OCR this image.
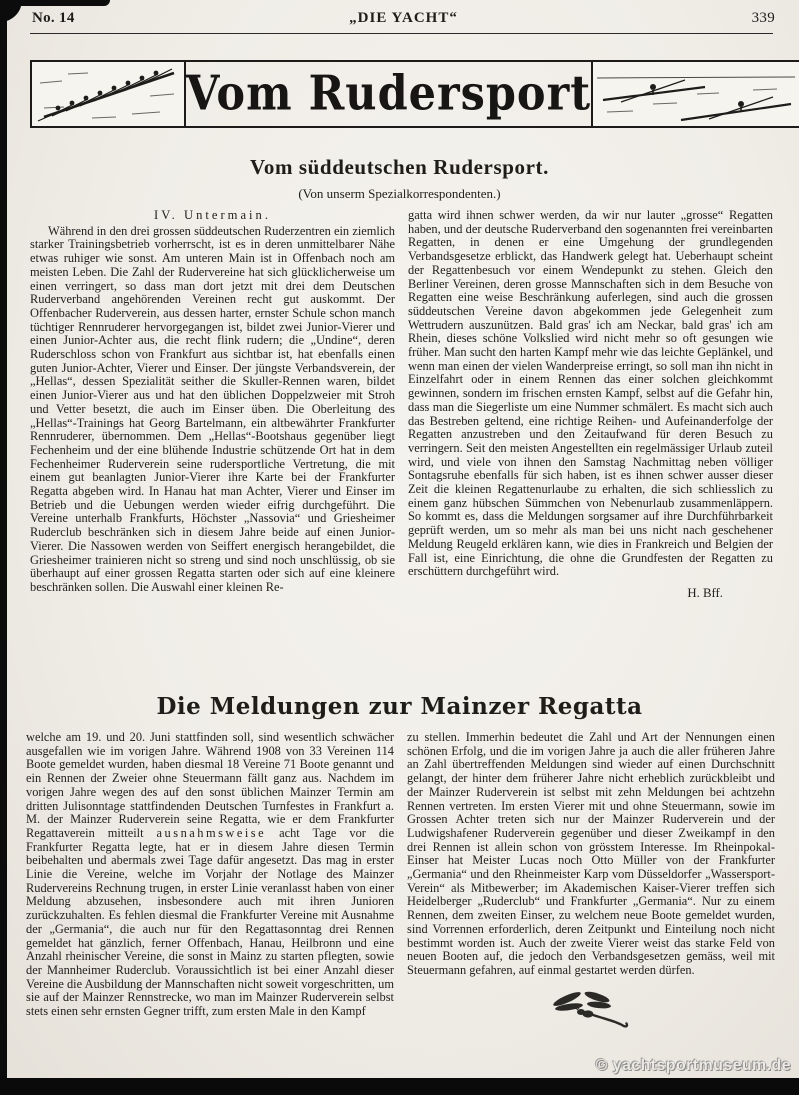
No. 14	„DIE YACHT“	339
Vom Rudersport
Vom süddeutschen Rudersport.
(Von unserm Spezialkorrespondenten.)
IV. Untermain.

Während in den drei grossen süddeutschen Ruderzentren ein ziemlich starker Trainingsbetrieb vorherrscht, ist es in deren unmittelbarer Nähe etwas ruhiger wie sonst. Am unteren Main ist in Offenbach noch am meisten Leben. Die Zahl der Rudervereine hat sich glücklicherweise um einen verringert, so dass man dort jetzt mit drei dem Deutschen Ruderverband angehörenden Vereinen recht gut auskommt. Der Offenbacher Ruderverein, aus dessen harter, ernster Schule schon manch tüchtiger Rennruderer hervorgegangen ist, bildet zwei Junior-Vierer und einen Junior-Achter aus, die recht flink rudern; die „Undine“, deren Ruderschloss schon von Frankfurt aus sichtbar ist, hat ebenfalls einen guten Junior-Achter, Vierer und Einser. Der jüngste Verbandsverein, der „Hellas“, dessen Spezialität seither die Skuller-Rennen waren, bildet einen Junior-Vierer aus und hat den üblichen Doppelzweier mit Stroh und Vetter besetzt, die auch im Einser üben. Die Oberleitung des „Hellas“-Trainings hat Georg Bartelmann, ein altbewährter Frankfurter Rennruderer, übernommen. Dem „Hellas“-Bootshaus gegenüber liegt Fechenheim und der eine blühende Industrie schützende Ort hat in dem Fechenheimer Ruderverein seine rudersportliche Vertretung, die mit einem gut beanlagten Junior-Vierer ihre Karte bei der Frankfurter Regatta abgeben wird. In Hanau hat man Achter, Vierer und Einser im Betrieb und die Uebungen werden wieder eifrig durchgeführt. Die Vereine unterhalb Frankfurts, Höchster „Nassovia“ und Griesheimer Ruderclub beschränken sich in diesem Jahre beide auf einen Junior-Vierer. Die Nassowen werden von Seiffert energisch herangebildet, die Griesheimer trainieren nicht so streng und sind noch unschlüssig, ob sie überhaupt auf einer grossen Regatta starten oder sich auf eine kleinere beschränken sollen. Die Auswahl einer kleinen Re-

gatta wird ihnen schwer werden, da wir nur lauter „grosse“ Regatten haben, und der deutsche Ruderverband den sogenannten frei vereinbarten Regatten, in denen er eine Umgehung der grundlegenden Verbandsgesetze erblickt, das Handwerk gelegt hat. Ueberhaupt scheint der Regattenbesuch vor einem Wendepunkt zu stehen. Gleich den Berliner Vereinen, deren grosse Mannschaften sich in dem Besuche von Regatten eine weise Beschränkung auferlegen, sind auch die grossen süddeutschen Vereine davon abgekommen jede Gelegenheit zum Wettrudern auszunützen. Bald gras' ich am Neckar, bald gras' ich am Rhein, dieses schöne Volkslied wird nicht mehr so oft gesungen wie früher. Man sucht den harten Kampf mehr wie das leichte Geplänkel, und wenn man einen der vielen Wanderpreise erringt, so soll man ihn nicht in Einzelfahrt oder in einem Rennen das einer solchen gleichkommt gewinnen, sondern im frischen ernsten Kampf, selbst auf die Gefahr hin, dass man die Siegerliste um eine Nummer schmälert. Es macht sich auch das Bestreben geltend, eine richtige Reihen- und Aufeinanderfolge der Regatten anzustreben und den Zeitaufwand für deren Besuch zu verringern. Seit den meisten Angestellten ein regelmässiger Urlaub zuteil wird, und viele von ihnen den Samstag Nachmittag neben völliger Sontagsruhe ebenfalls für sich haben, ist es ihnen schwer ausser dieser Zeit die kleinen Regattenurlaube zu erhalten, die sich schliesslich zu einem ganz hübschen Sümmchen von Nebenurlaub zusammenläppern. So kommt es, dass die Meldungen sorgsamer auf ihre Durchführbarkeit geprüft werden, um so mehr als man bei uns nicht nach geschehener Meldung Reugeld erklären kann, wie dies in Frankreich und Belgien der Fall ist, eine Einrichtung, die ohne die Grundfesten der Regatten zu erschüttern durchgeführt wird.

H. Bff.
Die Meldungen zur Mainzer Regatta

welche am 19. und 20. Juni stattfinden soll, sind wesentlich schwächer ausgefallen wie im vorigen Jahre. Während 1908 von 33 Vereinen 114 Boote gemeldet wurden, haben diesmal 18 Vereine 71 Boote genannt und ein Rennen der Zweier ohne Steuermann fällt ganz aus. Nachdem im vorigen Jahre wegen des auf den sonst üblichen Mainzer Termin am dritten Julisonntage stattfindenden Deutschen Turnfestes in Frankfurt a. M. der Mainzer Ruderverein seine Regatta, wie er dem Frankfurter Regattaverein mitteilt ausnahmsweise acht Tage vor die Frankfurter Regatta legte, hat er in diesem Jahre diesen Termin beibehalten und abermals zwei Tage dafür angesetzt. Das mag in erster Linie die Vereine, welche im Vorjahr der Notlage des Mainzer Rudervereins Rechnung trugen, in erster Linie veranlasst haben von einer Meldung abzusehen, insbesondere auch mit ihren Junioren zurückzuhalten. Es fehlen diesmal die Frankfurter Vereine mit Ausnahme der „Germania“, die auch nur für den Regattasonntag drei Rennen gemeldet hat gänzlich, ferner Offenbach, Hanau, Heilbronn und eine Anzahl rheinischer Vereine, die sonst in Mainz zu starten pflegten, sowie der Mannheimer Ruderclub. Voraussichtlich ist bei einer Anzahl dieser Vereine die Ausbildung der Mannschaften nicht soweit vorgeschritten, um sie auf der Mainzer Rennstrecke, wo man im Mainzer Ruderverein selbst stets einen sehr ernsten Gegner trifft, zum ersten Male in den Kampf

zu stellen. Immerhin bedeutet die Zahl und Art der Nennungen einen schönen Erfolg, und die im vorigen Jahre ja auch die aller früheren Jahre an Zahl übertreffenden Meldungen sind wieder auf einen Durchschnitt gelangt, der hinter dem früherer Jahre nicht erheblich zurückbleibt und der Mainzer Ruderverein ist selbst mit zehn Meldungen bei achtzehn Rennen vertreten. Im ersten Vierer mit und ohne Steuermann, sowie im Grossen Achter treten sich nur der Mainzer Ruderverein und der Ludwigshafener Ruderverein gegenüber und dieser Zweikampf in den drei Rennen ist allein schon von grösstem Interesse. Im Rheinpokal-Einser hat Meister Lucas noch Otto Müller von der Frankfurter „Germania“ und den Rheinmeister Karp vom Düsseldorfer „Wassersport-Verein“ als Mitbewerber; im Akademischen Kaiser-Vierer treffen sich Heidelberger „Ruderclub“ und Frankfurter „Germania“. Nur zu einem Rennen, dem zweiten Einser, zu welchem neue Boote gemeldet wurden, sind Vorrennen erforderlich, deren Zeitpunkt und Einteilung noch nicht bestimmt worden ist. Auch der zweite Vierer weist das starke Feld von neuen Booten auf, die jedoch den Verbandsgesetzen gemäss, weil mit Steuermann gefahren, auf einmal gestartet werden dürfen.

© yachtsportmuseum.de
